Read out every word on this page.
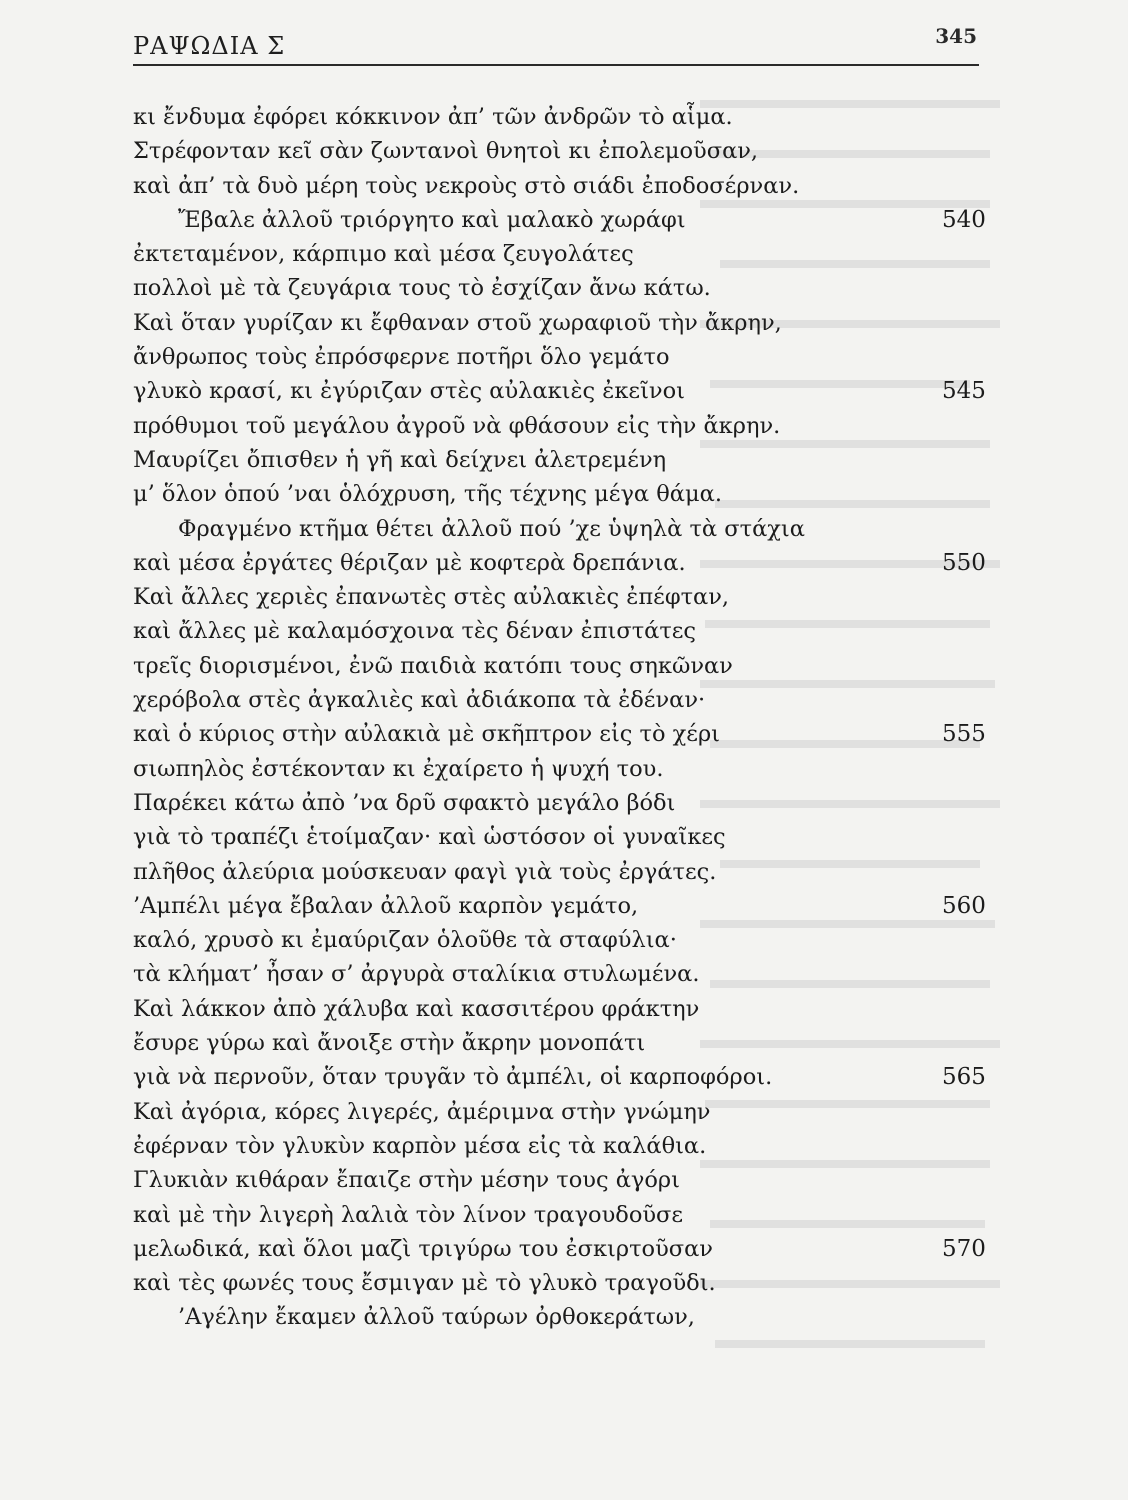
ΡΑΨΩΔΙΑ Σ	345
κι ἔνδυμα ἐφόρει κόκκινον ἀπ’ τῶν ἀνδρῶν τὸ αἷμα.
Στρέφονταν κεῖ σὰν ζωντανοὶ θνητοὶ κι ἐπολεμοῦσαν,
καὶ ἀπ’ τὰ δυὸ μέρη τοὺς νεκροὺς στὸ σιάδι ἐποδοσέρναν.
Ἔβαλε ἀλλοῦ τριόργητο καὶ μαλακὸ χωράφι	540
ἐκτεταμένον, κάρπιμο καὶ μέσα ζευγολάτες
πολλοὶ μὲ τὰ ζευγάρια τους τὸ ἐσχίζαν ἄνω κάτω.
Καὶ ὅταν γυρίζαν κι ἔφθαναν στοῦ χωραφιοῦ τὴν ἄκρην,
ἄνθρωπος τοὺς ἐπρόσφερνε ποτῆρι ὅλο γεμάτο
γλυκὸ κρασί, κι ἐγύριζαν στὲς αὐλακιὲς ἐκεῖνοι	545
πρόθυμοι τοῦ μεγάλου ἀγροῦ νὰ φθάσουν εἰς τὴν ἄκρην.
Μαυρίζει ὄπισθεν ἡ γῆ καὶ δείχνει ἀλετρεμένη
μ’ ὅλον ὁπού ’ναι ὁλόχρυση, τῆς τέχνης μέγα θάμα.
Φραγμένο κτῆμα θέτει ἀλλοῦ πού ’χε ὑψηλὰ τὰ στάχια
καὶ μέσα ἐργάτες θέριζαν μὲ κοφτερὰ δρεπάνια.	550
Καὶ ἄλλες χεριὲς ἐπανωτὲς στὲς αὐλακιὲς ἐπέφταν,
καὶ ἄλλες μὲ καλαμόσχοινα τὲς δέναν ἐπιστάτες
τρεῖς διορισμένοι, ἐνῶ παιδιὰ κατόπι τους σηκῶναν
χερόβολα στὲς ἀγκαλιὲς καὶ ἀδιάκοπα τὰ ἐδέναν·
καὶ ὁ κύριος στὴν αὐλακιὰ μὲ σκῆπτρον εἰς τὸ χέρι	555
σιωπηλὸς ἐστέκονταν κι ἐχαίρετο ἡ ψυχή του.
Παρέκει κάτω ἀπὸ ’να δρῦ σφακτὸ μεγάλο βόδι
γιὰ τὸ τραπέζι ἑτοίμαζαν· καὶ ὡστόσον οἱ γυναῖκες
πλῆθος ἀλεύρια μούσκευαν φαγὶ γιὰ τοὺς ἐργάτες.
’Αμπέλι μέγα ἔβαλαν ἀλλοῦ καρπὸν γεμάτο,	560
καλό, χρυσὸ κι ἐμαύριζαν ὁλοῦθε τὰ σταφύλια·
τὰ κλήματ’ ἦσαν σ’ ἀργυρὰ σταλίκια στυλωμένα.
Καὶ λάκκον ἀπὸ χάλυβα καὶ κασσιτέρου φράκτην
ἔσυρε γύρω καὶ ἄνοιξε στὴν ἄκρην μονοπάτι
γιὰ νὰ περνοῦν, ὅταν τρυγᾶν τὸ ἀμπέλι, οἱ καρποφόροι.	565
Καὶ ἀγόρια, κόρες λιγερές, ἀμέριμνα στὴν γνώμην
ἐφέρναν τὸν γλυκὺν καρπὸν μέσα εἰς τὰ καλάθια.
Γλυκιὰν κιθάραν ἔπαιζε στὴν μέσην τους ἀγόρι
καὶ μὲ τὴν λιγερὴ λαλιὰ τὸν λίνον τραγουδοῦσε
μελωδικά, καὶ ὅλοι μαζὶ τριγύρω του ἐσκιρτοῦσαν	570
καὶ τὲς φωνές τους ἔσμιγαν μὲ τὸ γλυκὸ τραγοῦδι.
’Αγέλην ἔκαμεν ἀλλοῦ ταύρων ὀρθοκεράτων,
